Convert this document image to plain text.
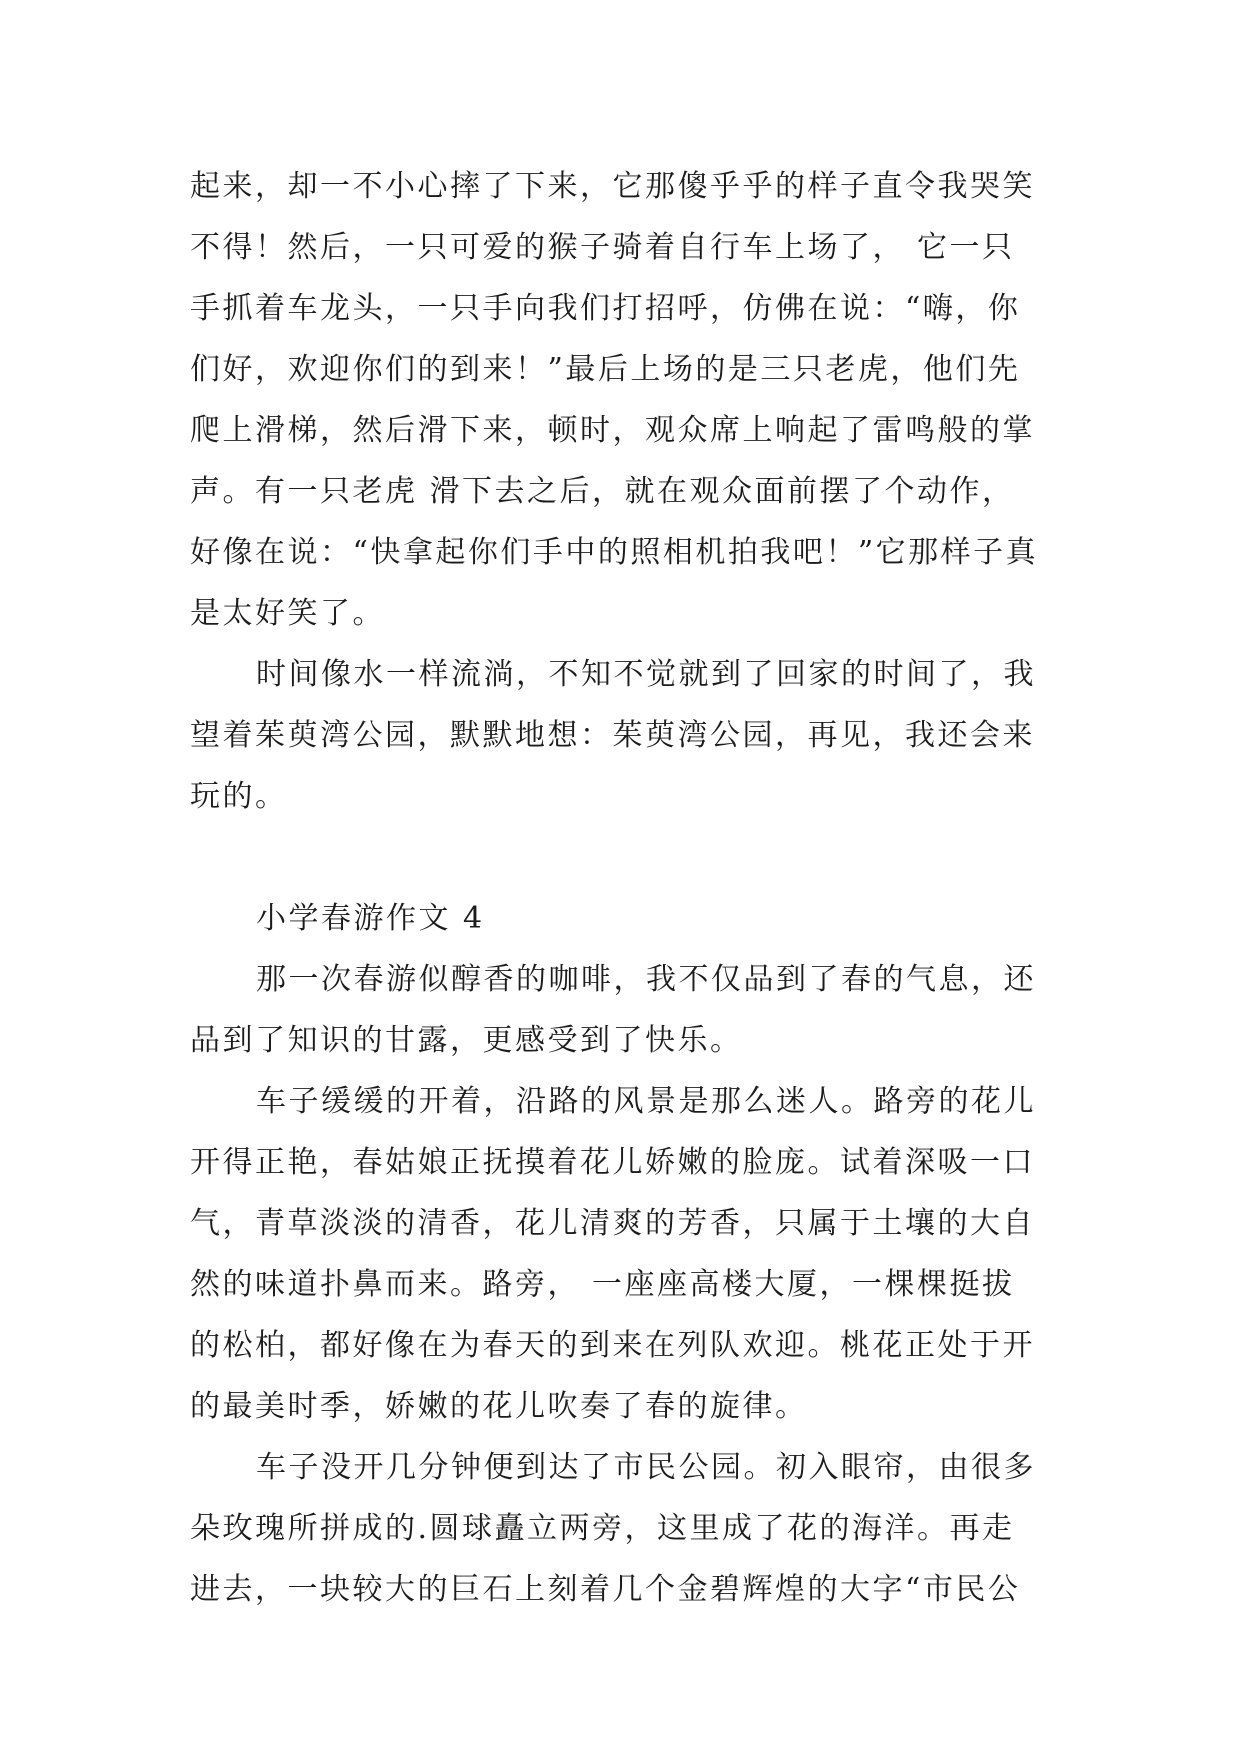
起来，却一不小心摔了下来，它那傻乎乎的样子直令我哭笑
不得！然后，一只可爱的猴子骑着自行车上场了， 它一只
手抓着车龙头，一只手向我们打招呼，仿佛在说：“嗨，你
们好，欢迎你们的到来！”最后上场的是三只老虎，他们先
爬上滑梯，然后滑下来，顿时，观众席上响起了雷鸣般的掌
声。有一只老虎 滑下去之后，就在观众面前摆了个动作，
好像在说：“快拿起你们手中的照相机拍我吧！”它那样子真
是太好笑了。
时间像水一样流淌，不知不觉就到了回家的时间了，我
望着茱萸湾公园，默默地想：茱萸湾公园，再见，我还会来
玩的。
小学春游作文 4
那一次春游似醇香的咖啡，我不仅品到了春的气息，还
品到了知识的甘露，更感受到了快乐。
车子缓缓的开着，沿路的风景是那么迷人。路旁的花儿
开得正艳，春姑娘正抚摸着花儿娇嫩的脸庞。试着深吸一口
气，青草淡淡的清香，花儿清爽的芳香，只属于土壤的大自
然的味道扑鼻而来。路旁， 一座座高楼大厦，一棵棵挺拔
的松柏，都好像在为春天的到来在列队欢迎。桃花正处于开
的最美时季，娇嫩的花儿吹奏了春的旋律。
车子没开几分钟便到达了市民公园。初入眼帘，由很多
朵玫瑰所拼成的.圆球矗立两旁，这里成了花的海洋。再走
进去，一块较大的巨石上刻着几个金碧辉煌的大字“市民公
